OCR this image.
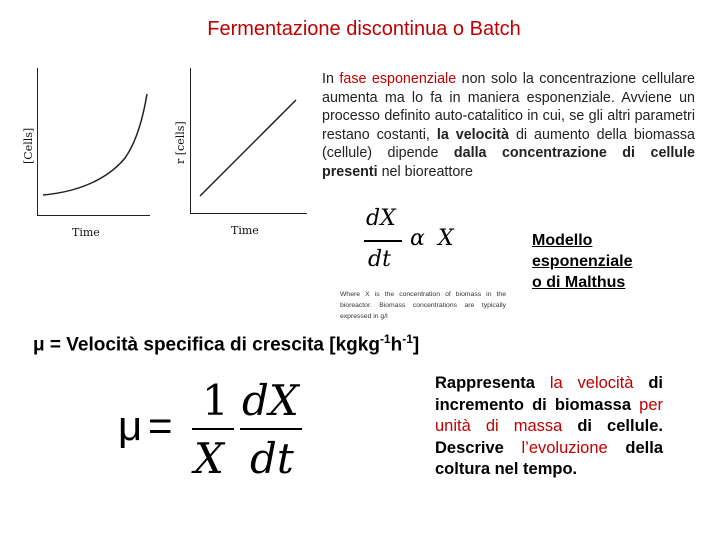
Fermentazione discontinua o Batch
[Cells]
Time
r [cells]
Time
In fase esponenziale non solo la concentrazione cellulare aumenta ma lo fa in maniera esponenziale. Avviene un processo definito auto-catalitico in cui, se gli altri parametri restano costanti, la velocità di aumento della biomassa (cellule) dipende dalla concentrazione di cellule presenti nel bioreattore
dX
dt
α X
Where X is the concentration of biomass in the bioreactor. Biomass concentrations are typically expressed in g/l
Modello
esponenziale
o di Malthus
μ = Velocità specifica di crescita $[kgkg^{-1}h^{-1}]$
μ =
1
X
dX
dt
Rappresenta la velocità di incremento di biomassa per unità di massa di cellule. Descrive l’evoluzione della coltura nel tempo.
